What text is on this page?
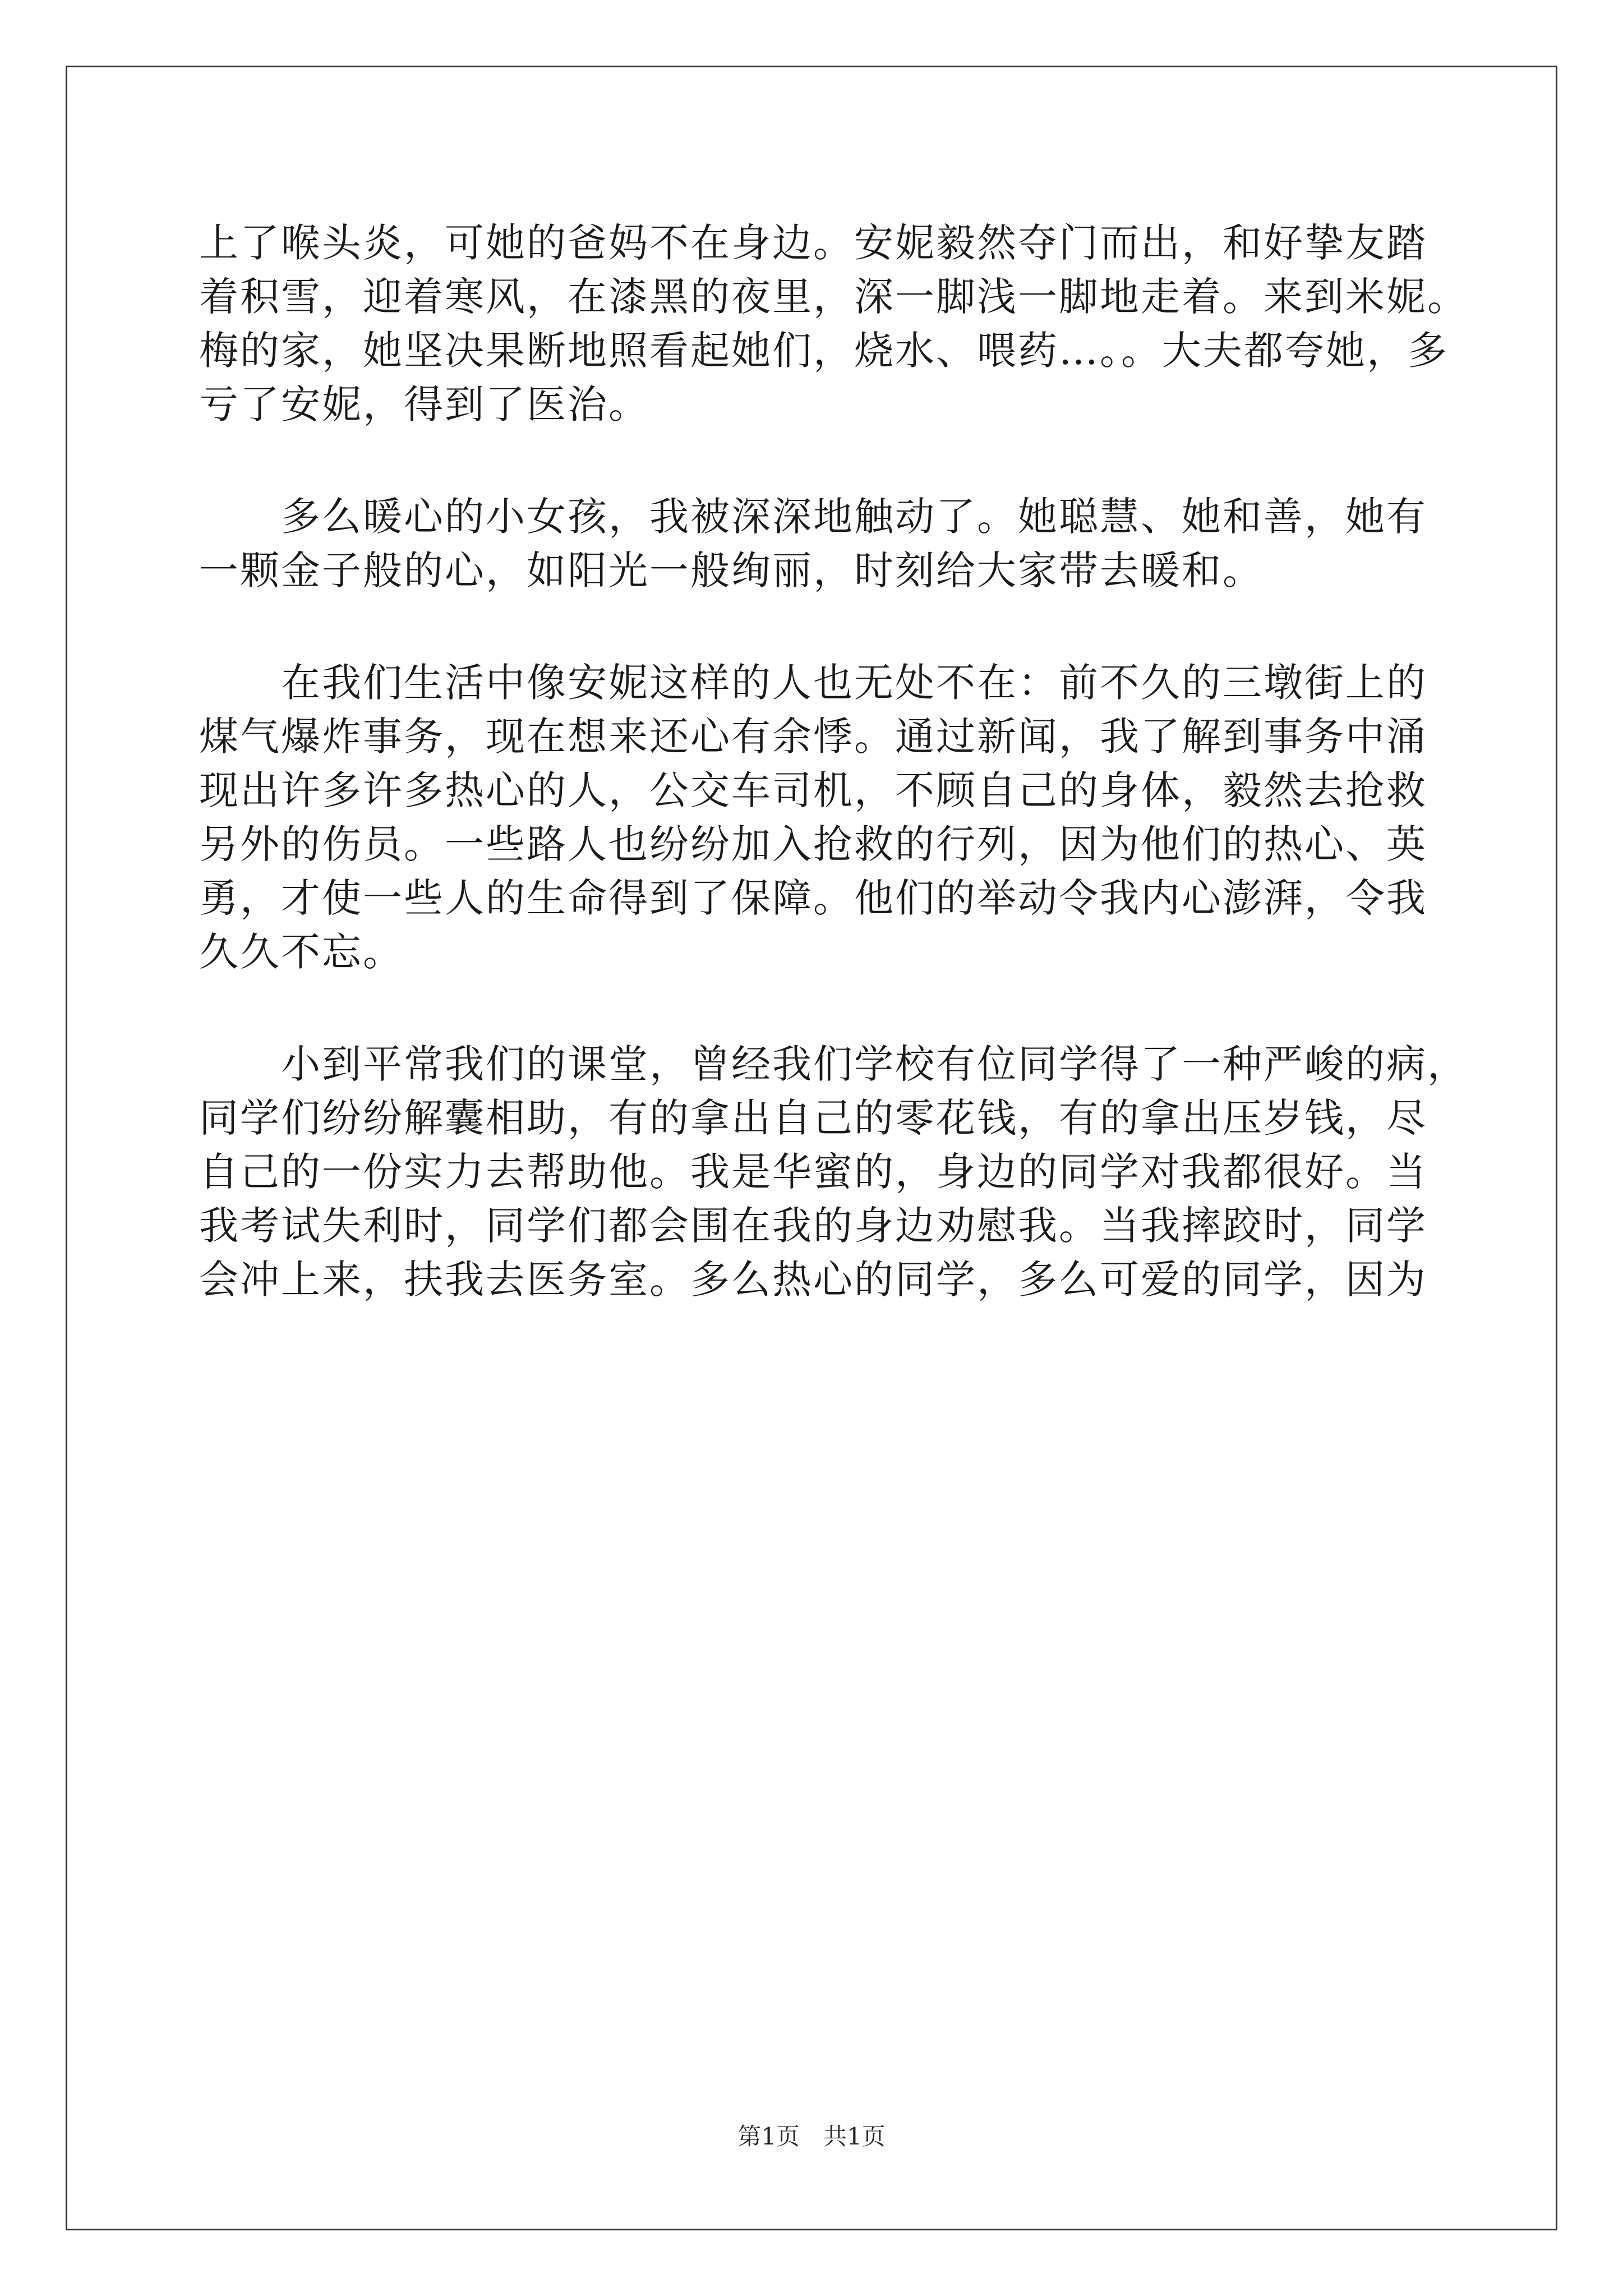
上了喉头炎，可她的爸妈不在身边。安妮毅然夺门而出，和好挚友踏

着积雪，迎着寒风，在漆黑的夜里，深一脚浅一脚地走着。来到米妮。

梅的家，她坚决果断地照看起她们，烧水、喂药…。。大夫都夸她，多

亏了安妮，得到了医治。

多么暖心的小女孩，我被深深地触动了。她聪慧、她和善，她有

一颗金子般的心，如阳光一般绚丽，时刻给大家带去暖和。

在我们生活中像安妮这样的人也无处不在：前不久的三墩街上的

煤气爆炸事务，现在想来还心有余悸。通过新闻，我了解到事务中涌

现出许多许多热心的人，公交车司机，不顾自己的身体，毅然去抢救

另外的伤员。一些路人也纷纷加入抢救的行列，因为他们的热心、英

勇，才使一些人的生命得到了保障。他们的举动令我内心澎湃，令我

久久不忘。

小到平常我们的课堂，曾经我们学校有位同学得了一种严峻的病，

同学们纷纷解囊相助，有的拿出自己的零花钱，有的拿出压岁钱，尽

自己的一份实力去帮助他。我是华蜜的，身边的同学对我都很好。当

我考试失利时，同学们都会围在我的身边劝慰我。当我摔跤时，同学

会冲上来，扶我去医务室。多么热心的同学，多么可爱的同学，因为

第1页　共1页
